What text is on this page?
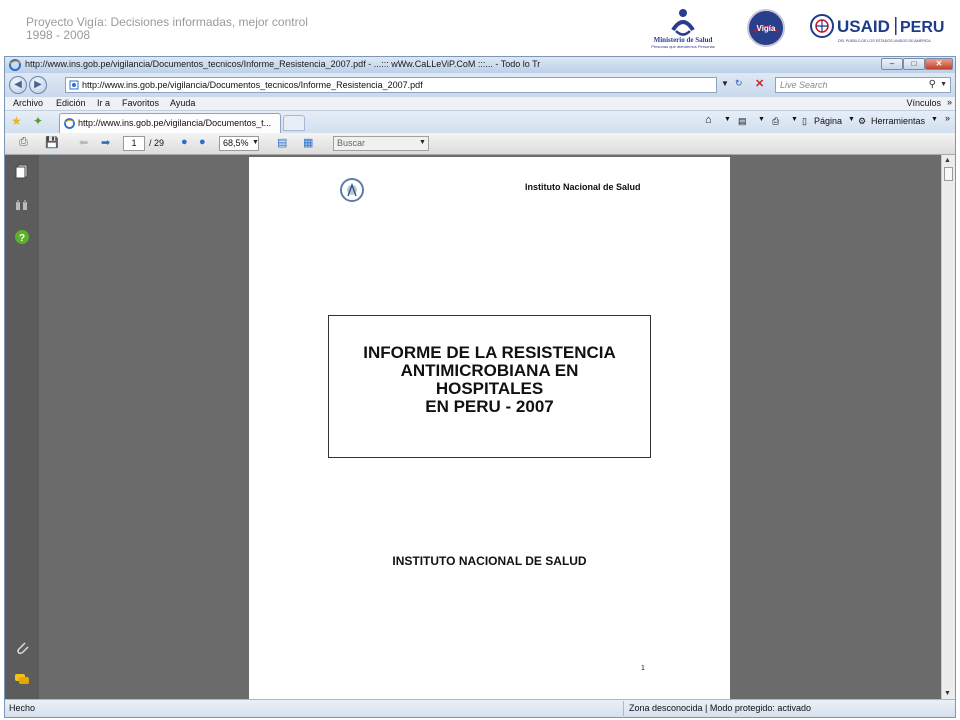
Proyecto Vigía: Decisiones informadas, mejor control
1998 - 2008	Ministerio de Salud
Personas que atendemos Personas
Vigía	USAID PERU
DEL PUEBLO DE LOS ESTADOS UNIDOS DE AMERICA
http://www.ins.gob.pe/vigilancia/Documentos_tecnicos/Informe_Resistencia_2007.pdf - ...::: wWw.CaLLeViP.CoM :::... - Todo lo Tr	–	□	✕
◀	▶	http://www.ins.gob.pe/vigilancia/Documentos_tecnicos/Informe_Resistencia_2007.pdf	▼ ↻ ✕ Live Search	⚲ ▼
Archivo Edición Ir a Favoritos Ayuda	Vínculos »
★ ✦	http://www.ins.gob.pe/vigilancia/Documentos_t...	⌂ ▼ ▤ ▼ ⎙ ▼ ▯ Página ▼ ⚙ Herramientas ▼ »
⎙ 💾 ⬅ ➡	1	/ 29 ● ●	68,5% ▼ ▤ ▦	Buscar	▼
?
Instituto Nacional de Salud
INFORME DE LA RESISTENCIA
ANTIMICROBIANA EN
HOSPITALES
EN PERU - 2007
INSTITUTO NACIONAL DE SALUD
1
▲
▼
Hecho	Zona desconocida | Modo protegido: activado
